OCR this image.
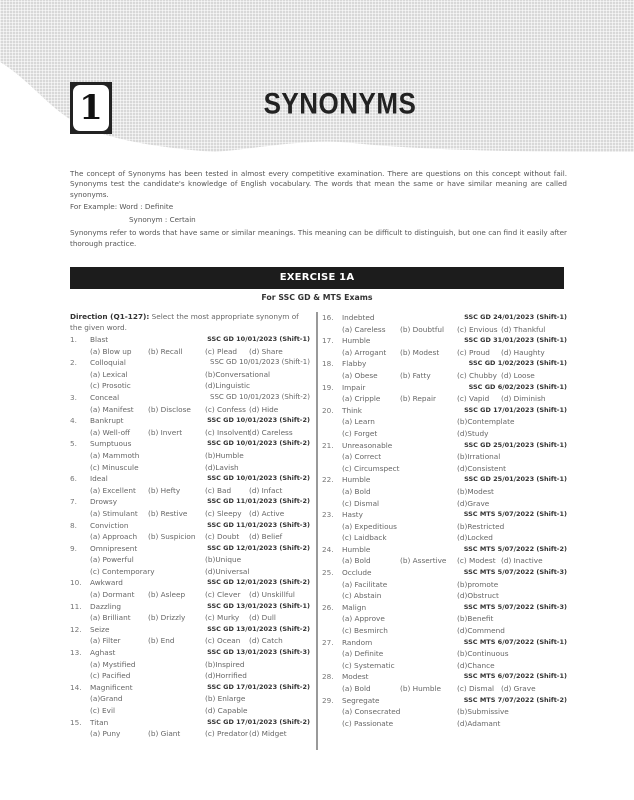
1	SYNONYMS

The concept of Synonyms has been tested in almost every competitive examination. There are questions on this concept without fail. Synonyms test the candidate's knowledge of English vocabulary. The words that mean the same or have similar meaning are called synonyms.

For Example: Word : Definite

Synonym : Certain

Synonyms refer to words that have same or similar meanings. This meaning can be difficult to distinguish, but one can find it easily after thorough practice.

EXERCISE 1A
For SSC GD & MTS Exams
Direction (Q1-127): Select the most appropriate synonym of the given word.
1.	Blast	SSC GD 10/01/2023 (Shift-1)
(a) Blow up	(b) Recall	(c) Plead	(d) Share
2.	Colloquial	SSC GD 10/01/2023 (Shift-1)
(a) Lexical	(b)Conversational
(c) Prosotic	(d)Linguistic
3.	Conceal	SSC GD 10/01/2023 (Shift-2)
(a) Manifest	(b) Disclose	(c) Confess (d) Hide
4.	Bankrupt	SSC GD 10/01/2023 (Shift-2)
(a) Well-off	(b) Invert	(c) Insolvent
(d) Careless
5.	Sumptuous	SSC GD 10/01/2023 (Shift-2)
(a) Mammoth	(b)Humble
(c) Minuscule	(d)Lavish
6.	Ideal	SSC GD 10/01/2023 (Shift-2)
(a) Excellent	(b) Hefty	(c) Bad	(d) Infact
7.	Drowsy	SSC GD 11/01/2023 (Shift-2)
(a) Stimulant	(b) Restive	(c) Sleepy	(d) Active
8.	Conviction	SSC GD 11/01/2023 (Shift-3)
(a) Approach	(b) Suspicion	(c) Doubt	(d) Belief
9.	Omnipresent	SSC GD 12/01/2023 (Shift-2)
(a) Powerful	(b)Unique
(c) Contemporary	(d)Universal
10.	Awkward	SSC GD 12/01/2023 (Shift-2)
(a) Dormant	(b) Asleep	(c) Clever	(d) Unskillful
11.	Dazzling	SSC GD 13/01/2023 (Shift-1)
(a) Brilliant	(b) Drizzly	(c) Murky	(d) Dull
12.	Seize	SSC GD 13/01/2023 (Shift-2)
(a) Filter	(b) End	(c) Ocean	(d) Catch
13.	Aghast	SSC GD 13/01/2023 (Shift-3)
(a) Mystified	(b)Inspired
(c) Pacified	(d)Horrified
14.	Magnificent	SSC GD 17/01/2023 (Shift-2)
(a)Grand	(b) Enlarge
(c) Evil	(d) Capable
15.	Titan	SSC GD 17/01/2023 (Shift-2)
(a) Puny	(b) Giant	(c) Predator (d) Midget
16.	Indebted	SSC GD 24/01/2023 (Shift-1)
(a) Careless	(b) Doubtful	(c) Envious (d) Thankful
17.	Humble	SSC GD 31/01/2023 (Shift-1)
(a) Arrogant	(b) Modest	(c) Proud	(d) Haughty
18.	Flabby	SSC GD 1/02/2023 (Shift-1)
(a) Obese	(b) Fatty	(c) Chubby (d) Loose
19.	Impair	SSC GD 6/02/2023 (Shift-1)
(a) Cripple	(b) Repair	(c) Vapid	(d) Diminish
20.	Think	SSC GD 17/01/2023 (Shift-1)
(a) Learn	(b)Contemplate
(c) Forget	(d)Study
21.	Unreasonable	SSC GD 25/01/2023 (Shift-1)
(a) Correct	(b)Irrational
(c) Circumspect	(d)Consistent
22.	Humble	SSC GD 25/01/2023 (Shift-1)
(a) Bold	(b)Modest
(c) Dismal	(d)Grave
23.	Hasty	SSC MTS 5/07/2022 (Shift-1)
(a) Expeditious	(b)Restricted
(c) Laidback	(d)Locked
24.	Humble	SSC MTS 5/07/2022 (Shift-2)
(a) Bold	(b) Assertive	(c) Modest (d) Inactive
25.	Occlude	SSC MTS 5/07/2022 (Shift-3)
(a) Facilitate	(b)promote
(c) Abstain	(d)Obstruct
26.	Malign	SSC MTS 5/07/2022 (Shift-3)
(a) Approve	(b)Benefit
(c) Besmirch	(d)Commend
27.	Random	SSC MTS 6/07/2022 (Shift-1)
(a) Definite	(b)Continuous
(c) Systematic	(d)Chance
28.	Modest	SSC MTS 6/07/2022 (Shift-1)
(a) Bold	(b) Humble	(c) Dismal (d) Grave
29.	Segregate	SSC MTS 7/07/2022 (Shift-2)
(a) Consecrated	(b)Submissive
(c) Passionate	(d)Adamant
